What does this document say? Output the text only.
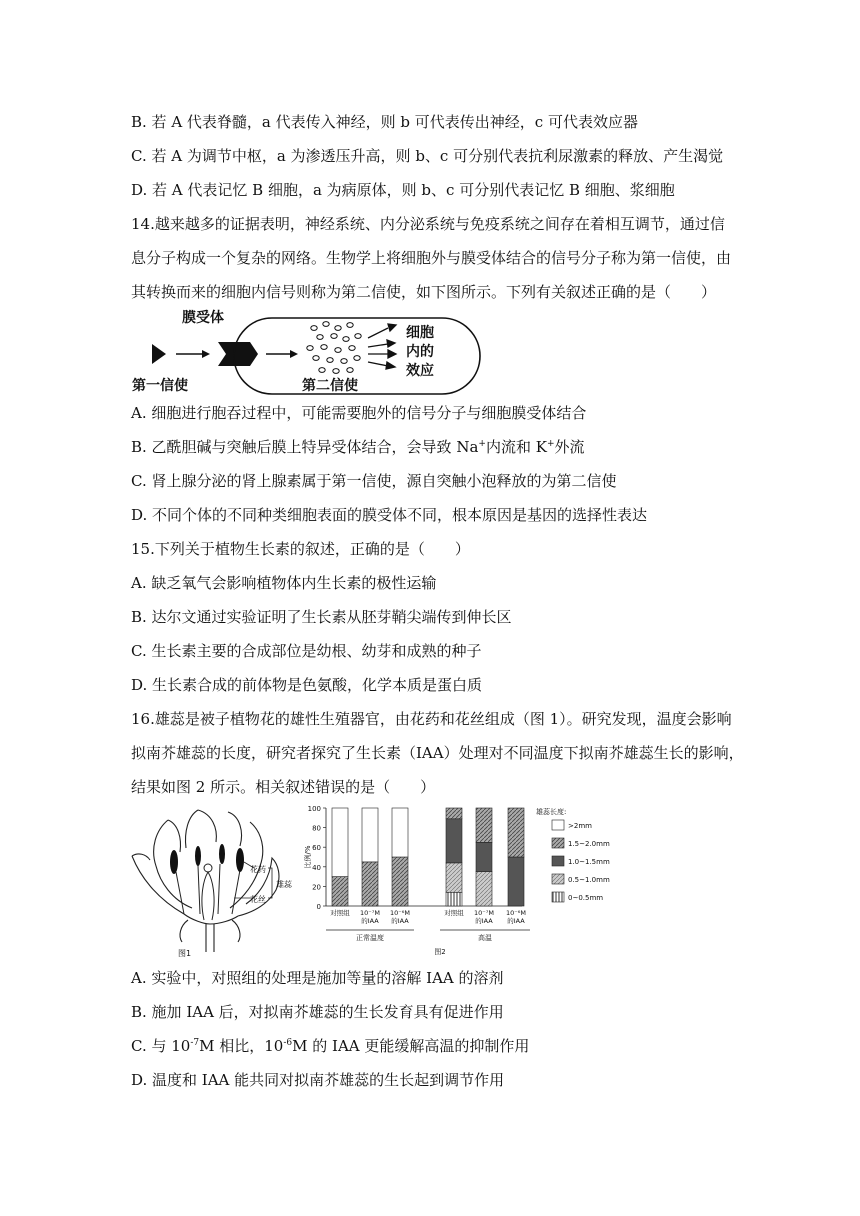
B. 若 A 代表脊髓，a 代表传入神经，则 b 可代表传出神经，c 可代表效应器
C. 若 A 为调节中枢，a 为渗透压升高，则 b、c 可分别代表抗利尿激素的释放、产生渴觉
D. 若 A 代表记忆 B 细胞，a 为病原体，则 b、c 可分别代表记忆 B 细胞、浆细胞
14.越来越多的证据表明，神经系统、内分泌系统与免疫系统之间存在着相互调节，通过信
息分子构成一个复杂的网络。生物学上将细胞外与膜受体结合的信号分子称为第一信使，由
其转换而来的细胞内信号则称为第二信使，如下图所示。下列有关叙述正确的是（　　）
膜受体
第一信使	第二信使
细胞
内的
效应
A. 细胞进行胞吞过程中，可能需要胞外的信号分子与细胞膜受体结合
B. 乙酰胆碱与突触后膜上特异受体结合，会导致 Na+内流和 K+外流
C. 肾上腺分泌的肾上腺素属于第一信使，源自突触小泡释放的为第二信使
D. 不同个体的不同种类细胞表面的膜受体不同，根本原因是基因的选择性表达
15.下列关于植物生长素的叙述，正确的是（　　）
A. 缺乏氧气会影响植物体内生长素的极性运输
B. 达尔文通过实验证明了生长素从胚芽鞘尖端传到伸长区
C. 生长素主要的合成部位是幼根、幼芽和成熟的种子
D. 生长素合成的前体物是色氨酸，化学本质是蛋白质
16.雄蕊是被子植物花的雄性生殖器官，由花药和花丝组成（图 1）。研究发现，温度会影响
拟南芥雄蕊的长度，研究者探究了生长素（IAA）处理对不同温度下拟南芥雄蕊生长的影响，
结果如图 2 所示。相关叙述错误的是（　　）
花药
花丝
雄蕊
图1
0
20
40
60
80
100
比例/%
对照组 10⁻⁷M
的IAA
10⁻⁶M
的IAA
对照组 10⁻⁷M
的IAA
10⁻⁶M
的IAA
正常温度	高温
图2
雄蕊长度:
>2mm
1.5~2.0mm
1.0~1.5mm
0.5~1.0mm
0~0.5mm
A. 实验中，对照组的处理是施加等量的溶解 IAA 的溶剂
B. 施加 IAA 后，对拟南芥雄蕊的生长发育具有促进作用
C. 与 $10^{-7}M$ 相比，$10^{-6}M$ 的 IAA 更能缓解高温的抑制作用
D. 温度和 IAA 能共同对拟南芥雄蕊的生长起到调节作用
